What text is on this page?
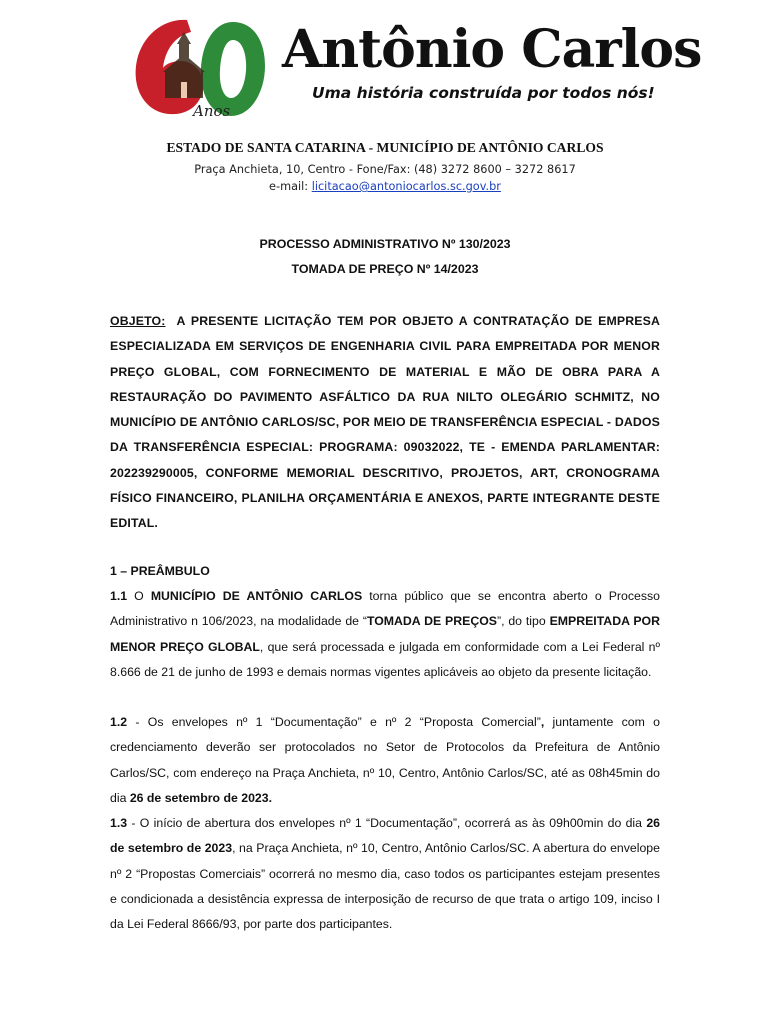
Anos
Antônio Carlos
Uma história construída por todos nós!
ESTADO DE SANTA CATARINA - MUNICÍPIO DE ANTÔNIO CARLOS
Praça Anchieta, 10, Centro - Fone/Fax: (48) 3272 8600 – 3272 8617
e-mail: licitacao@antoniocarlos.sc.gov.br
PROCESSO ADMINISTRATIVO Nº 130/2023
TOMADA DE PREÇO Nº 14/2023
OBJETO: A PRESENTE LICITAÇÃO TEM POR OBJETO A CONTRATAÇÃO DE EMPRESA ESPECIALIZADA EM SERVIÇOS DE ENGENHARIA CIVIL PARA EMPREITADA POR MENOR PREÇO GLOBAL, COM FORNECIMENTO DE MATERIAL E MÃO DE OBRA PARA A RESTAURAÇÃO DO PAVIMENTO ASFÁLTICO DA RUA NILTO OLEGÁRIO SCHMITZ, NO MUNICÍPIO DE ANTÔNIO CARLOS/SC, POR MEIO DE TRANSFERÊNCIA ESPECIAL - DADOS DA TRANSFERÊNCIA ESPECIAL: PROGRAMA: 09032022, TE - EMENDA PARLAMENTAR: 202239290005, CONFORME MEMORIAL DESCRITIVO, PROJETOS, ART, CRONOGRAMA FÍSICO FINANCEIRO, PLANILHA ORÇAMENTÁRIA E ANEXOS, PARTE INTEGRANTE DESTE EDITAL.
1 – PREÂMBULO
1.1 O MUNICÍPIO DE ANTÔNIO CARLOS torna público que se encontra aberto o Processo Administrativo n 106/2023, na modalidade de “TOMADA DE PREÇOS”, do tipo EMPREITADA POR MENOR PREÇO GLOBAL, que será processada e julgada em conformidade com a Lei Federal nº 8.666 de 21 de junho de 1993 e demais normas vigentes aplicáveis ao objeto da presente licitação.
1.2 - Os envelopes nº 1 “Documentação” e nº 2 “Proposta Comercial”, juntamente com o credenciamento deverão ser protocolados no Setor de Protocolos da Prefeitura de Antônio Carlos/SC, com endereço na Praça Anchieta, nº 10, Centro, Antônio Carlos/SC, até as 08h45min do dia 26 de setembro de 2023.
1.3 - O início de abertura dos envelopes nº 1 “Documentação”, ocorrerá as às 09h00min do dia 26 de setembro de 2023, na Praça Anchieta, nº 10, Centro, Antônio Carlos/SC. A abertura do envelope nº 2 “Propostas Comerciais” ocorrerá no mesmo dia, caso todos os participantes estejam presentes e condicionada a desistência expressa de interposição de recurso de que trata o artigo 109, inciso I da Lei Federal 8666/93, por parte dos participantes.
